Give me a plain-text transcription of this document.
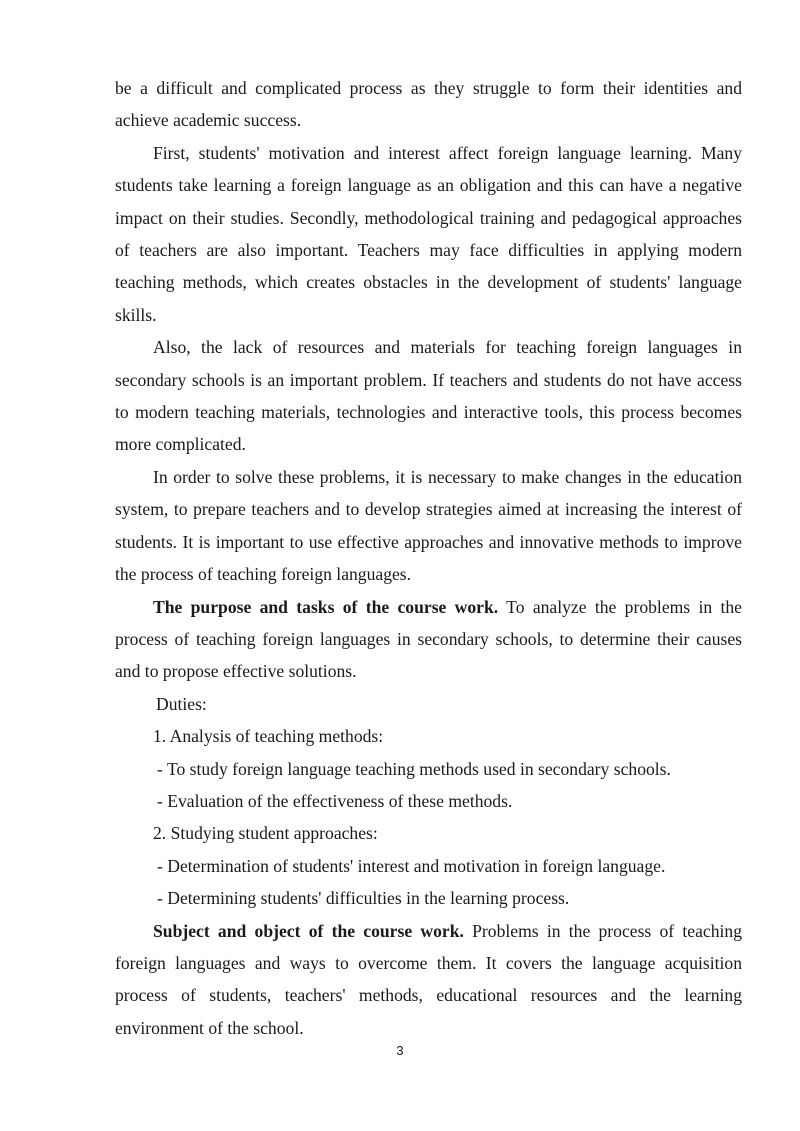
be a difficult and complicated process as they struggle to form their identities and achieve academic success.

First, students' motivation and interest affect foreign language learning. Many students take learning a foreign language as an obligation and this can have a negative impact on their studies. Secondly, methodological training and pedagogical approaches of teachers are also important. Teachers may face difficulties in applying modern teaching methods, which creates obstacles in the development of students' language skills.

Also, the lack of resources and materials for teaching foreign languages in secondary schools is an important problem. If teachers and students do not have access to modern teaching materials, technologies and interactive tools, this process becomes more complicated.

In order to solve these problems, it is necessary to make changes in the education system, to prepare teachers and to develop strategies aimed at increasing the interest of students. It is important to use effective approaches and innovative methods to improve the process of teaching foreign languages.

The purpose and tasks of the course work. To analyze the problems in the process of teaching foreign languages in secondary schools, to determine their causes and to propose effective solutions.

Duties:

1. Analysis of teaching methods:

- To study foreign language teaching methods used in secondary schools.

- Evaluation of the effectiveness of these methods.

2. Studying student approaches:

- Determination of students' interest and motivation in foreign language.

- Determining students' difficulties in the learning process.

Subject and object of the course work. Problems in the process of teaching foreign languages and ways to overcome them. It covers the language acquisition process of students, teachers' methods, educational resources and the learning environment of the school.

3
